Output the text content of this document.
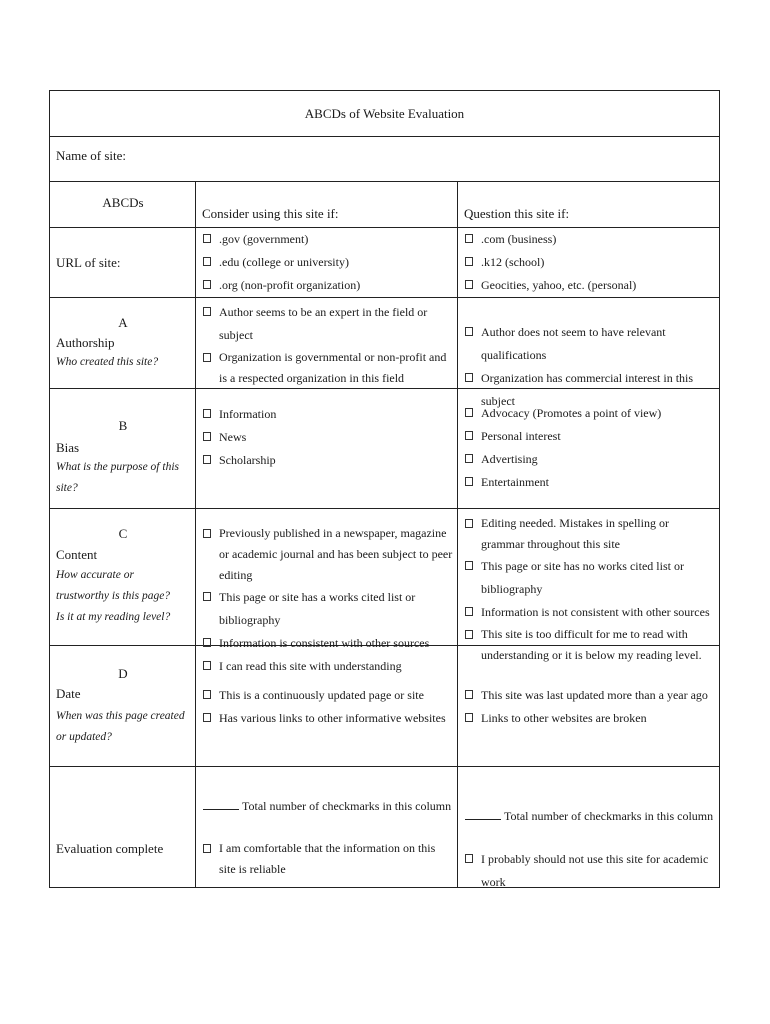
ABCDs of Website Evaluation
Name of site:
ABCDs
Consider using this site if:	Question this site if:
URL of site:
.gov (government)
.edu (college or university)
.org (non-profit organization)
.com (business)
.k12 (school)
Geocities, yahoo, etc. (personal)
A
Authorship
Who created this site?
Author seems to be an expert in the field or subject
Organization is governmental or non-profit and is a respected organization in this field
Author does not seem to have relevant qualifications
Organization has commercial interest in this subject
B
Bias
What is the purpose of this site?
Information
News
Scholarship
Advocacy (Promotes a point of view)
Personal interest
Advertising
Entertainment
C
Content
How accurate or trustworthy is this page?
Is it at my reading level?
Previously published in a newspaper, magazine or academic journal and has been subject to peer editing
This page or site has a works cited list or bibliography
Information is consistent with other sources
I can read this site with understanding
Editing needed. Mistakes in spelling or grammar throughout this site
This page or site has no works cited list or bibliography
Information is not consistent with other sources
This site is too difficult for me to read with understanding or it is below my reading level.
D
Date
When was this page created or updated?
This is a continuously updated page or site
Has various links to other informative websites
This site was last updated more than a year ago
Links to other websites are broken
Evaluation complete
Total number of checkmarks in this column
I am comfortable that the information on this site is reliable
Total number of checkmarks in this column
I probably should not use this site for academic work
